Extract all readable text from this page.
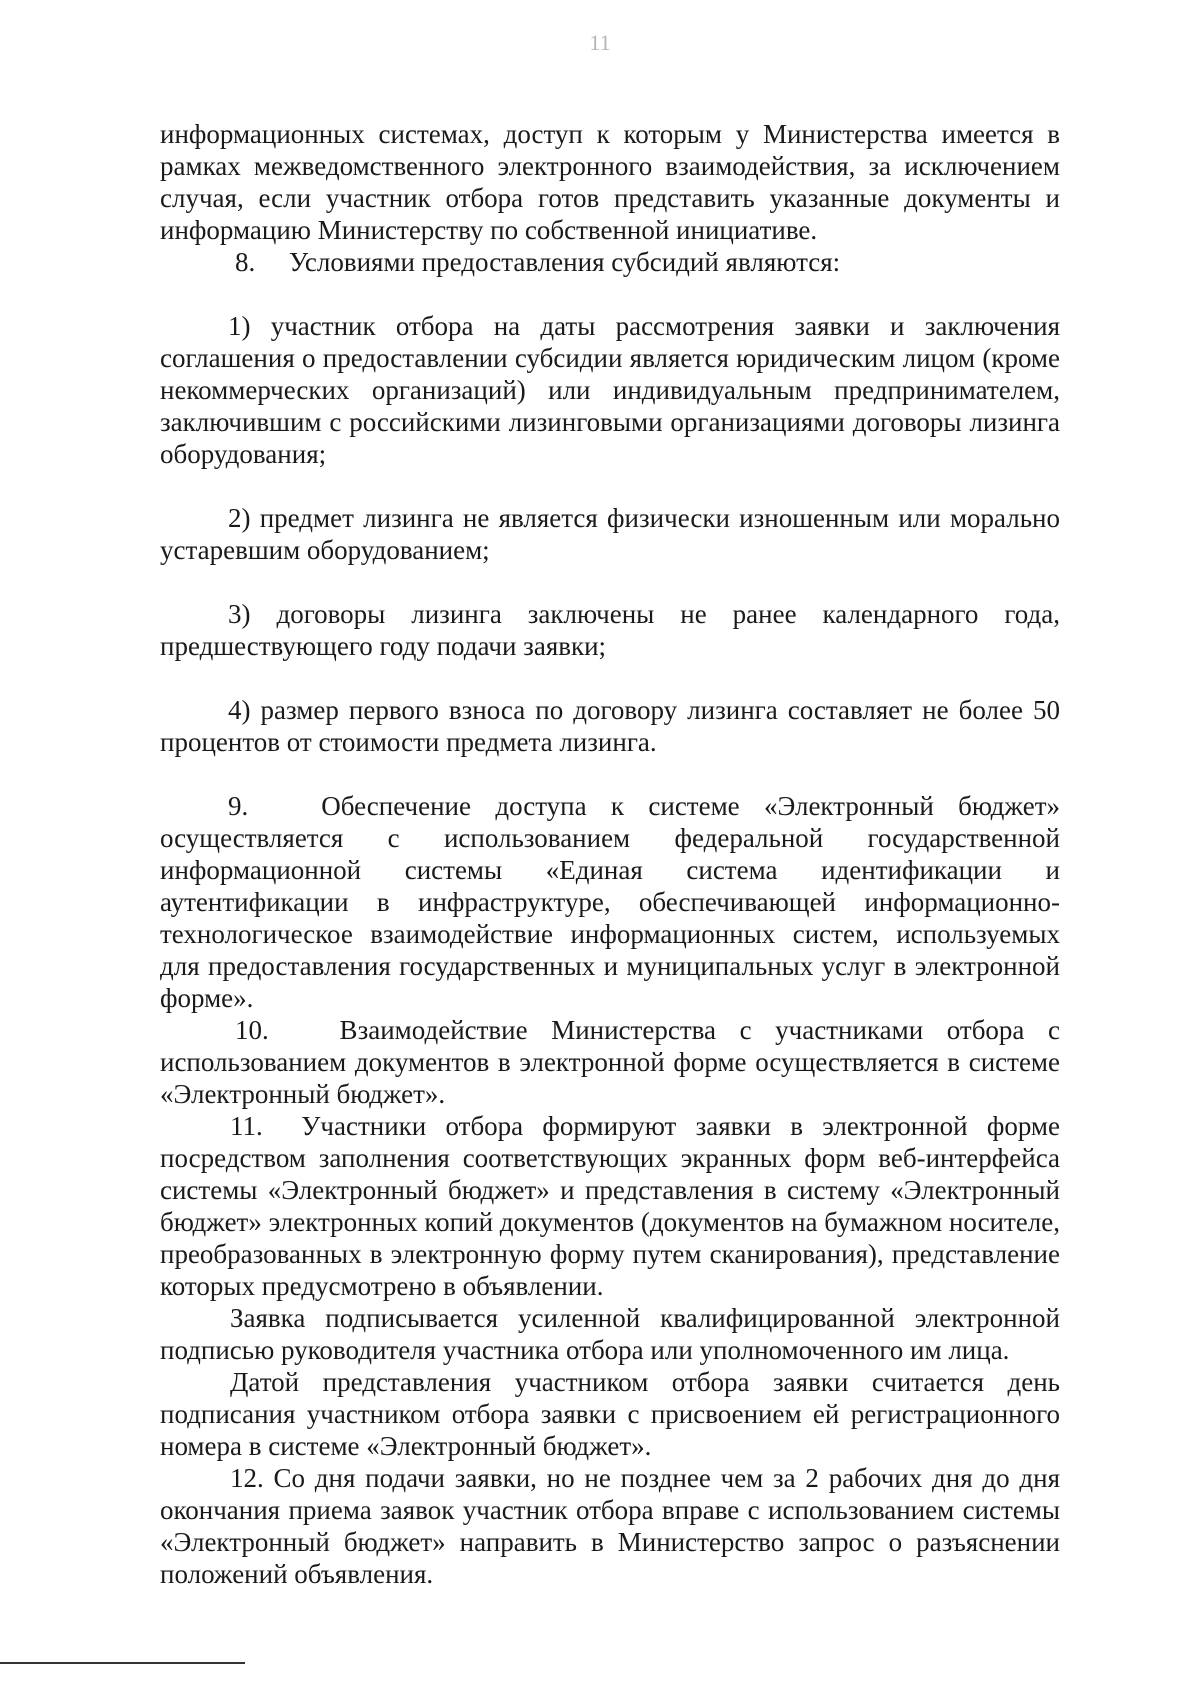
11

информационных системах, доступ к которым у Министерства имеется в рамках межведомственного электронного взаимодействия, за исключением случая, если участник отбора готов представить указанные документы и информацию Министерству по собственной инициативе.

8.     Условиями предоставления субсидий являются:

1) участник отбора на даты рассмотрения заявки и заключения соглашения о предоставлении субсидии является юридическим лицом (кроме некоммерческих организаций) или индивидуальным предпринимателем, заключившим с российскими лизинговыми организациями договоры лизинга оборудования;

2) предмет лизинга не является физически изношенным или морально устаревшим оборудованием;

3) договоры лизинга заключены не ранее календарного года, предшествующего году подачи заявки;

4) размер первого взноса по договору лизинга составляет не более 50 процентов от стоимости предмета лизинга.

9.   Обеспечение доступа к системе «Электронный бюджет» осуществляется с использованием федеральной государственной информационной системы «Единая система идентификации и аутентификации в инфраструктуре, обеспечивающей информационно-технологическое взаимодействие информационных систем, используемых для предоставления государственных и муниципальных услуг в электронной форме».

10.   Взаимодействие Министерства с участниками отбора с использованием документов в электронной форме осуществляется в системе «Электронный бюджет».

11.  Участники отбора формируют заявки в электронной форме посредством заполнения соответствующих экранных форм веб-интерфейса системы «Электронный бюджет» и представления в систему «Электронный бюджет» электронных копий документов (документов на бумажном носителе, преобразованных в электронную форму путем сканирования), представление которых предусмотрено в объявлении.

Заявка подписывается усиленной квалифицированной электронной подписью руководителя участника отбора или уполномоченного им лица.

Датой представления участником отбора заявки считается день подписания участником отбора заявки с присвоением ей регистрационного номера в системе «Электронный бюджет».

12. Со дня подачи заявки, но не позднее чем за 2 рабочих дня до дня окончания приема заявок участник отбора вправе с использованием системы «Электронный бюджет» направить в Министерство запрос о разъяснении положений объявления.
